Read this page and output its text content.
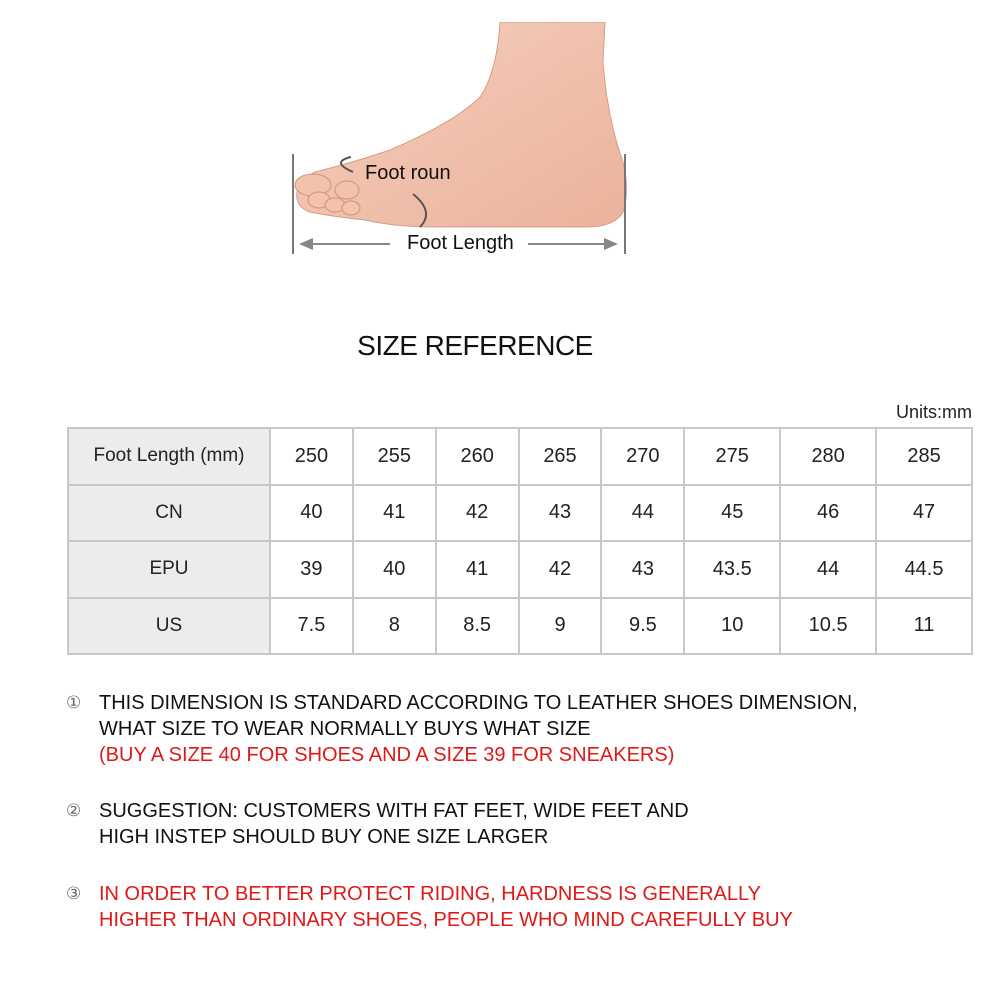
Foot roun
Foot Length
SIZE REFERENCE
Units:mm
Foot Length (mm)	250	255	260	265	270	275	280	285
CN	40	41	42	43	44	45	46	47
EPU	39	40	41	42	43	43.5	44	44.5
US	7.5	8	8.5	9	9.5	10	10.5	11
① THIS DIMENSION IS STANDARD ACCORDING TO LEATHER SHOES DIMENSION,
WHAT SIZE TO WEAR NORMALLY BUYS WHAT SIZE
(BUY A SIZE 40 FOR SHOES AND A SIZE 39 FOR SNEAKERS)
② SUGGESTION: CUSTOMERS WITH FAT FEET, WIDE FEET AND
HIGH INSTEP SHOULD BUY ONE SIZE LARGER
③ IN ORDER TO BETTER PROTECT RIDING, HARDNESS IS GENERALLY
HIGHER THAN ORDINARY SHOES, PEOPLE WHO MIND CAREFULLY BUY
